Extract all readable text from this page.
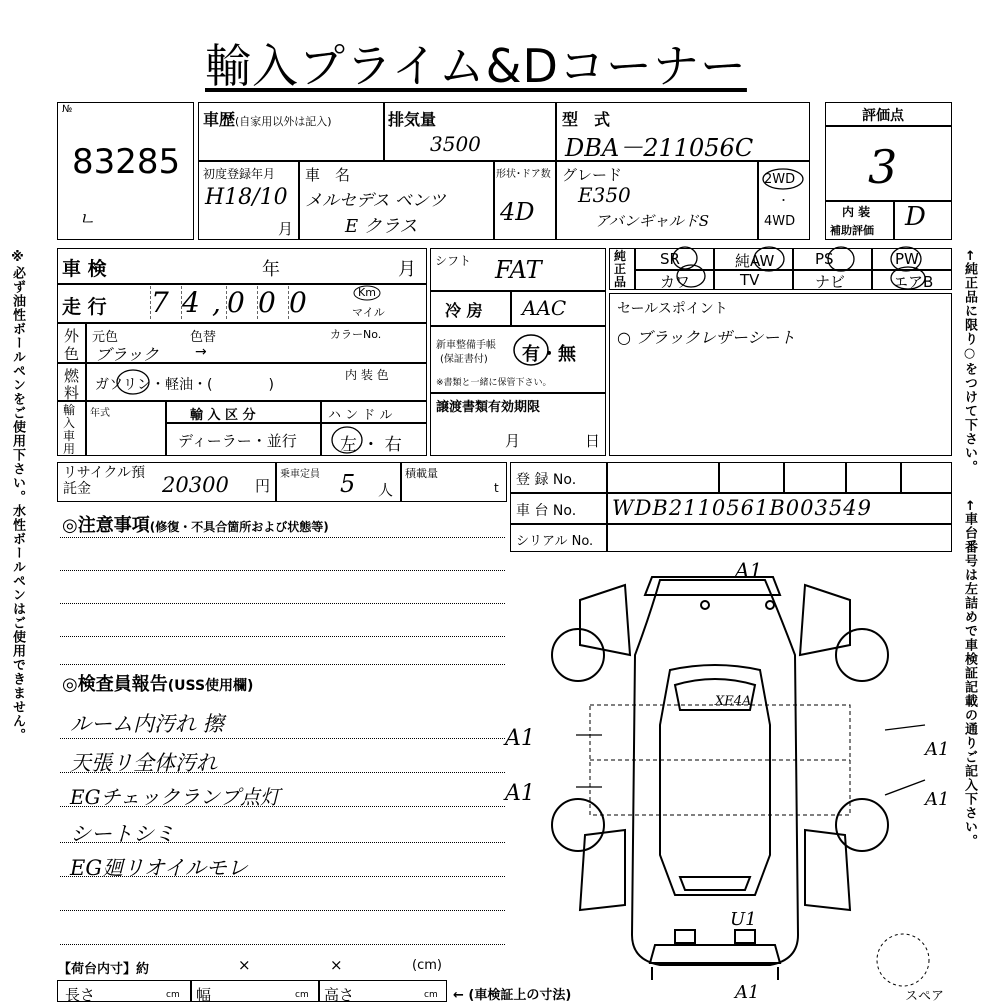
輸入プライム&Dコーナー
※必ず油性ボールペンをご使用下さい。水性ボールペンはご使用できません。	←純正品に限り○をつけて下さい。
←車台番号は左詰めで車検証記載の通りご記入下さい。
№
83285
ㄴ
車歴(自家用以外は記入)	排気量
3500
型　式
DBA－211056C
初度登録年月
H18/10
月
車　名
メルセデス ベンツ
E クラス
形状･ドア数
4D
グレード
E350
アバンギャルドS
2WD
・
4WD
評価点
3
内 装
補助評価 D
車 検	年	月
走 行 7 4 , 0 0 0	Km
マイル
外
色
元色	色替	カラーNo.
ブラック	→
燃
料 ガソリン・軽油・(　　　　)
内 装 色
輸入車用
年式	輸 入 区 分
ディーラー・並行
ハ ン ド ル
左 ・ 右
シフト FAT
冷 房 AAC
新車整備手帳
(保証書付) 有・無
※書類と一緒に保管下さい。
譲渡書類有効期限
月	日
純正品
SR	純AW	PS	PW
カワ	TV	ナビ	エアB
セールスポイント
○ ブラックレザーシート
リサイクル預託金	20300 円
乗車定員 5 人
積載量
t 登 録 No.
車 台 No. WDB2110561B003549
シリアル No.
◎注意事項(修復・不具合箇所および状態等)
◎検査員報告(USS使用欄)
ルーム内汚れ 擦
天張リ全体汚れ
EGチェックランプ点灯
シートシミ
EG廻リオイルモレ
A1
A1
A1
A1
A1
U1
A1
XE4A
スペア
【荷台内寸】約	×	×	(cm)
長さ	cm 幅	cm 高さ	cm ← (車検証上の寸法)
